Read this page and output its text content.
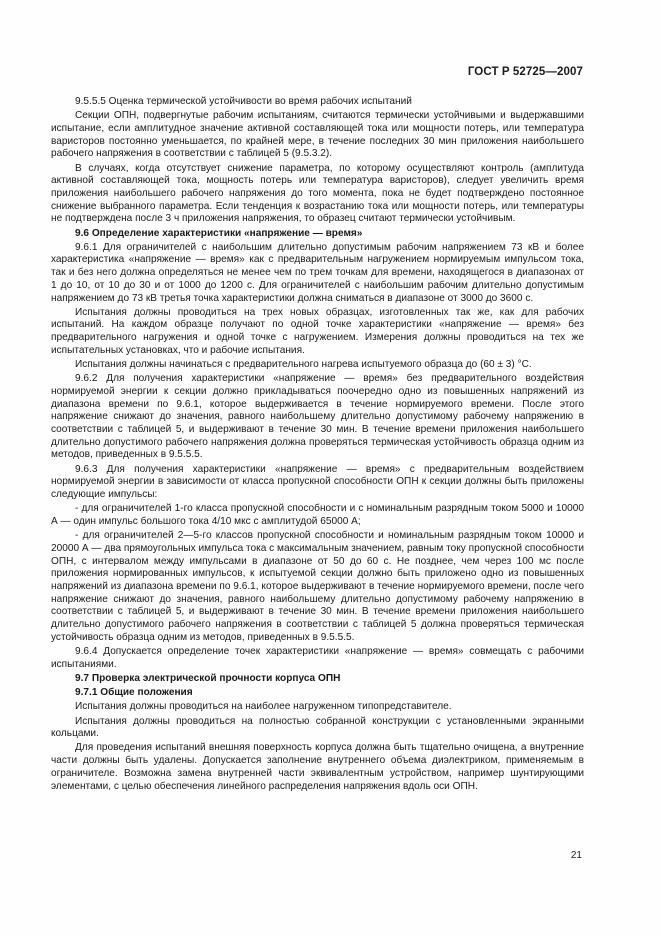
ГОСТ Р 52725—2007

9.5.5.5 Оценка термической устойчивости во время рабочих испытаний

Секции ОПН, подвергнутые рабочим испытаниям, считаются термически устойчивыми и выдержавшими испытание, если амплитудное значение активной составляющей тока или мощности потерь, или температура варисторов постоянно уменьшается, по крайней мере, в течение последних 30 мин приложения наибольшего рабочего напряжения в соответствии с таблицей 5 (9.5.3.2).

В случаях, когда отсутствует снижение параметра, по которому осуществляют контроль (амплитуда активной составляющей тока, мощность потерь или температура варисторов), следует увеличить время приложения наибольшего рабочего напряжения до того момента, пока не будет подтверждено постоянное снижение выбранного параметра. Если тенденция к возрастанию тока или мощности потерь, или температуры не подтверждена после 3 ч приложения напряжения, то образец считают термически устойчивым.

9.6 Определение характеристики «напряжение — время»

9.6.1 Для ограничителей с наибольшим длительно допустимым рабочим напряжением 73 кВ и более характеристика «напряжение — время» как с предварительным нагружением нормируемым импульсом тока, так и без него должна определяться не менее чем по трем точкам для времени, находящегося в диапазонах от 1 до 10, от 10 до 30 и от 1000 до 1200 с. Для ограничителей с наибольшим рабочим длительно допустимым напряжением до 73 кВ третья точка характеристики должна сниматься в диапазоне от 3000 до 3600 с.

Испытания должны проводиться на трех новых образцах, изготовленных так же, как для рабочих испытаний. На каждом образце получают по одной точке характеристики «напряжение — время» без предварительного нагружения и одной точке с нагружением. Измерения должны проводиться на тех же испытательных установках, что и рабочие испытания.

Испытания должны начинаться с предварительного нагрева испытуемого образца до (60 ± 3) °С.

9.6.2 Для получения характеристики «напряжение — время» без предварительного воздействия нормируемой энергии к секции должно прикладываться поочередно одно из повышенных напряжений из диапазона времени по 9.6.1, которое выдерживается в течение нормируемого времени. После этого напряжение снижают до значения, равного наибольшему длительно допустимому рабочему напряжению в соответствии с таблицей 5, и выдерживают в течение 30 мин. В течение времени приложения наибольшего длительно допустимого рабочего напряжения должна проверяться термическая устойчивость образца одним из методов, приведенных в 9.5.5.5.

9.6.3 Для получения характеристики «напряжение — время» с предварительным воздействием нормируемой энергии в зависимости от класса пропускной способности ОПН к секции должны быть приложены следующие импульсы:

- для ограничителей 1-го класса пропускной способности и с номинальным разрядным током 5000 и 10000 А — один импульс большого тока 4/10 мкс с амплитудой 65000 А;

- для ограничителей 2—5-го классов пропускной способности и номинальным разрядным током 10000 и 20000 А — два прямоугольных импульса тока с максимальным значением, равным току пропускной способности ОПН, с интервалом между импульсами в диапазоне от 50 до 60 с. Не позднее, чем через 100 мс после приложения нормированных импульсов, к испытуемой секции должно быть приложено одно из повышенных напряжений из диапазона времени по 9.6.1, которое выдерживают в течение нормируемого времени, после чего напряжение снижают до значения, равного наибольшему длительно допустимому рабочему напряжению в соответствии с таблицей 5, и выдерживают в течение 30 мин. В течение времени приложения наибольшего длительно допустимого рабочего напряжения в соответствии с таблицей 5 должна проверяться термическая устойчивость образца одним из методов, приведенных в 9.5.5.5.

9.6.4 Допускается определение точек характеристики «напряжение — время» совмещать с рабочими испытаниями.

9.7 Проверка электрической прочности корпуса ОПН

9.7.1 Общие положения

Испытания должны проводиться на наиболее нагруженном типопредставителе.

Испытания должны проводиться на полностью собранной конструкции с установленными экранными кольцами.

Для проведения испытаний внешняя поверхность корпуса должна быть тщательно очищена, а внутренние части должны быть удалены. Допускается заполнение внутреннего объема диэлектриком, применяемым в ограничителе. Возможна замена внутренней части эквивалентным устройством, например шунтирующими элементами, с целью обеспечения линейного распределения напряжения вдоль оси ОПН.

21
